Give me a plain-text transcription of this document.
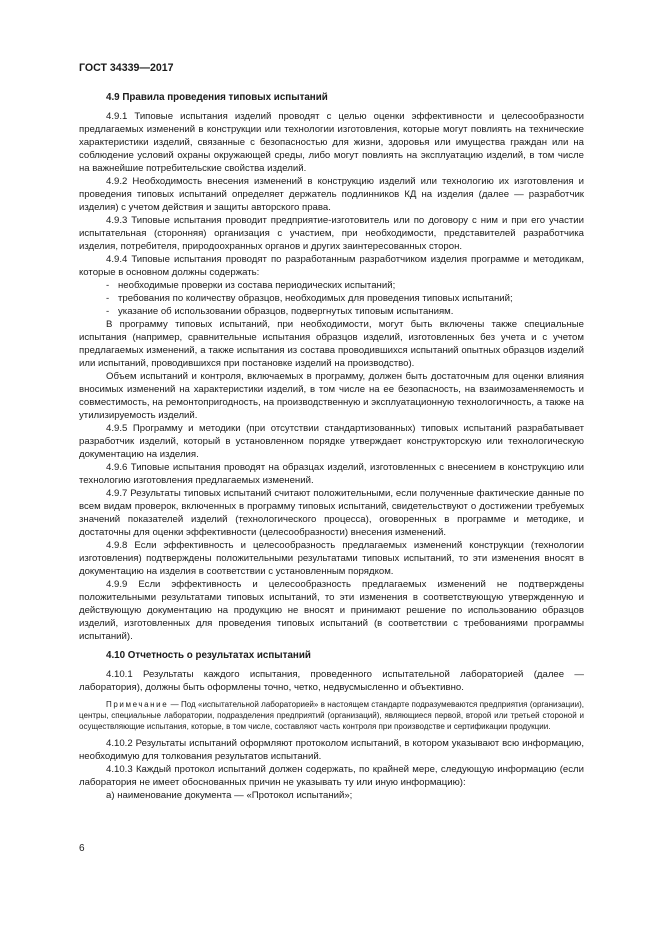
ГОСТ 34339—2017
4.9 Правила проведения типовых испытаний

4.9.1 Типовые испытания изделий проводят с целью оценки эффективности и целесообразности предлагаемых изменений в конструкции или технологии изготовления, которые могут повлиять на технические характеристики изделий, связанные с безопасностью для жизни, здоровья или имущества граждан или на соблюдение условий охраны окружающей среды, либо могут повлиять на эксплуатацию изделий, в том числе на важнейшие потребительские свойства изделий.

4.9.2 Необходимость внесения изменений в конструкцию изделий или технологию их изготовления и проведения типовых испытаний определяет держатель подлинников КД на изделия (далее — разработчик изделия) с учетом действия и защиты авторского права.

4.9.3 Типовые испытания проводит предприятие-изготовитель или по договору с ним и при его участии испытательная (сторонняя) организация с участием, при необходимости, представителей разработчика изделия, потребителя, природоохранных органов и других заинтересованных сторон.

4.9.4 Типовые испытания проводят по разработанным разработчиком изделия программе и методикам, которые в основном должны содержать:

- необходимые проверки из состава периодических испытаний;
- требования по количеству образцов, необходимых для проведения типовых испытаний;
- указание об использовании образцов, подвергнутых типовым испытаниям.

В программу типовых испытаний, при необходимости, могут быть включены также специальные испытания (например, сравнительные испытания образцов изделий, изготовленных без учета и с учетом предлагаемых изменений, а также испытания из состава проводившихся испытаний опытных образцов изделий или испытаний, проводившихся при постановке изделий на производство).

Объем испытаний и контроля, включаемых в программу, должен быть достаточным для оценки влияния вносимых изменений на характеристики изделий, в том числе на ее безопасность, на взаимозаменяемость и совместимость, на ремонтопригодность, на производственную и эксплуатационную технологичность, а также на утилизируемость изделий.

4.9.5 Программу и методики (при отсутствии стандартизованных) типовых испытаний разрабатывает разработчик изделий, который в установленном порядке утверждает конструкторскую или технологическую документацию на изделия.

4.9.6 Типовые испытания проводят на образцах изделий, изготовленных с внесением в конструкцию или технологию изготовления предлагаемых изменений.

4.9.7 Результаты типовых испытаний считают положительными, если полученные фактические данные по всем видам проверок, включенных в программу типовых испытаний, свидетельствуют о достижении требуемых значений показателей изделий (технологического процесса), оговоренных в программе и методике, и достаточны для оценки эффективности (целесообразности) внесения изменений.

4.9.8 Если эффективность и целесообразность предлагаемых изменений конструкции (технологии изготовления) подтверждены положительными результатами типовых испытаний, то эти изменения вносят в документацию на изделия в соответствии с установленным порядком.

4.9.9 Если эффективность и целесообразность предлагаемых изменений не подтверждены положительными результатами типовых испытаний, то эти изменения в соответствующую утвержденную и действующую документацию на продукцию не вносят и принимают решение по использованию образцов изделий, изготовленных для проведения типовых испытаний (в соответствии с требованиями программы испытаний).

4.10 Отчетность о результатах испытаний

4.10.1 Результаты каждого испытания, проведенного испытательной лабораторией (далее — лаборатория), должны быть оформлены точно, четко, недвусмысленно и объективно.

Примечание — Под «испытательной лабораторией» в настоящем стандарте подразумеваются предприятия (организации), центры, специальные лаборатории, подразделения предприятий (организаций), являющиеся первой, второй или третьей стороной и осуществляющие испытания, которые, в том числе, составляют часть контроля при производстве и сертификации продукции.

4.10.2 Результаты испытаний оформляют протоколом испытаний, в котором указывают всю информацию, необходимую для толкования результатов испытаний.

4.10.3 Каждый протокол испытаний должен содержать, по крайней мере, следующую информацию (если лаборатория не имеет обоснованных причин не указывать ту или иную информацию):

а) наименование документа — «Протокол испытаний»;

6
